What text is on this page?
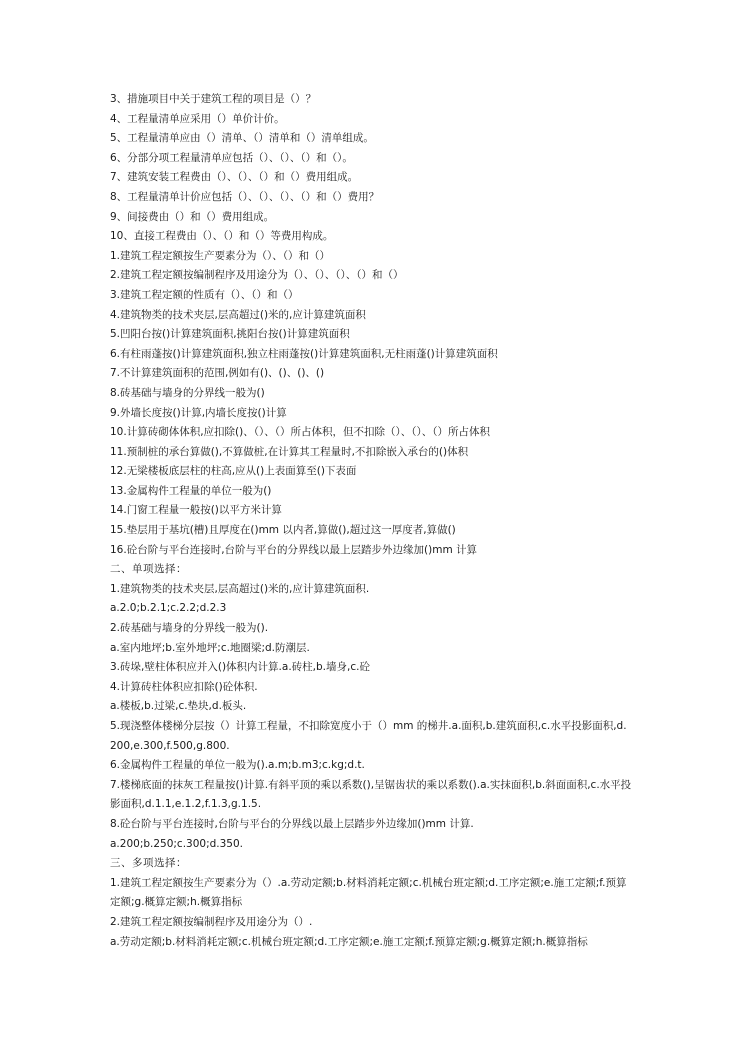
3、措施项目中关于建筑工程的项目是（）？
4、工程量清单应采用（）单价计价。
5、工程量清单应由（）清单、（）清单和（）清单组成。
6、分部分项工程量清单应包括（）、（）、（）和（）。
7、建筑安装工程费由（）、（）、（）和（）费用组成。
8、工程量清单计价应包括（）、（）、（）、（）和（）费用？
9、间接费由（）和（）费用组成。
10、直接工程费由（）、（）和（）等费用构成。
1.建筑工程定额按生产要素分为（）、（）和（）
2.建筑工程定额按编制程序及用途分为（）、（）、（）、（）和（）
3.建筑工程定额的性质有（）、（）和（）
4.建筑物类的技术夹层,层高超过()米的,应计算建筑面积
5.凹阳台按()计算建筑面积,挑阳台按()计算建筑面积
6.有柱雨蓬按()计算建筑面积,独立柱雨蓬按()计算建筑面积,无柱雨蓬()计算建筑面积
7.不计算建筑面积的范围,例如有()、()、()、()
8.砖基础与墙身的分界线一般为()
9.外墙长度按()计算,内墙长度按()计算
10.计算砖砌体体积,应扣除()、（）、（）所占体积，但不扣除（）、（）、（）所占体积
11.预制桩的承台算做(),不算做桩,在计算其工程量时,不扣除嵌入承台的()体积
12.无梁楼板底层柱的柱高,应从()上表面算至()下表面
13.金属构件工程量的单位一般为()
14.门窗工程量一般按()以平方米计算
15.垫层用于基坑(槽)且厚度在()mm 以内者,算做(),超过这一厚度者,算做()
16.砼台阶与平台连接时,台阶与平台的分界线以最上层踏步外边缘加()mm 计算
二、单项选择：
1.建筑物类的技术夹层,层高超过()米的,应计算建筑面积.
a.2.0;b.2.1;c.2.2;d.2.3
2.砖基础与墙身的分界线一般为().
a.室内地坪;b.室外地坪;c.地圈梁;d.防潮层.
3.砖垛,壁柱体积应并入()体积内计算.a.砖柱,b.墙身,c.砼
4.计算砖柱体积应扣除()砼体积.
a.楼板,b.过梁,c.垫块,d.板头.
5.现浇整体楼梯分层按（）计算工程量，不扣除宽度小于（）mm 的梯井.a.面积,b.建筑面积,c.水平投影面积,d.200,e.300,f.500,g.800.
6.金属构件工程量的单位一般为().a.m;b.m3;c.kg;d.t.
7.楼梯底面的抹灰工程量按()计算.有斜平顶的乘以系数(),呈锯齿状的乘以系数().a.实抹面积,b.斜面面积,c.水平投影面积,d.1.1,e.1.2,f.1.3,g.1.5.
8.砼台阶与平台连接时,台阶与平台的分界线以最上层踏步外边缘加()mm 计算.
a.200;b.250;c.300;d.350.
三、多项选择：
1.建筑工程定额按生产要素分为（）.a.劳动定额;b.材料消耗定额;c.机械台班定额;d.工序定额;e.施工定额;f.预算定额;g.概算定额;h.概算指标
2.建筑工程定额按编制程序及用途分为（）.
a.劳动定额;b.材料消耗定额;c.机械台班定额;d.工序定额;e.施工定额;f.预算定额;g.概算定额;h.概算指标
